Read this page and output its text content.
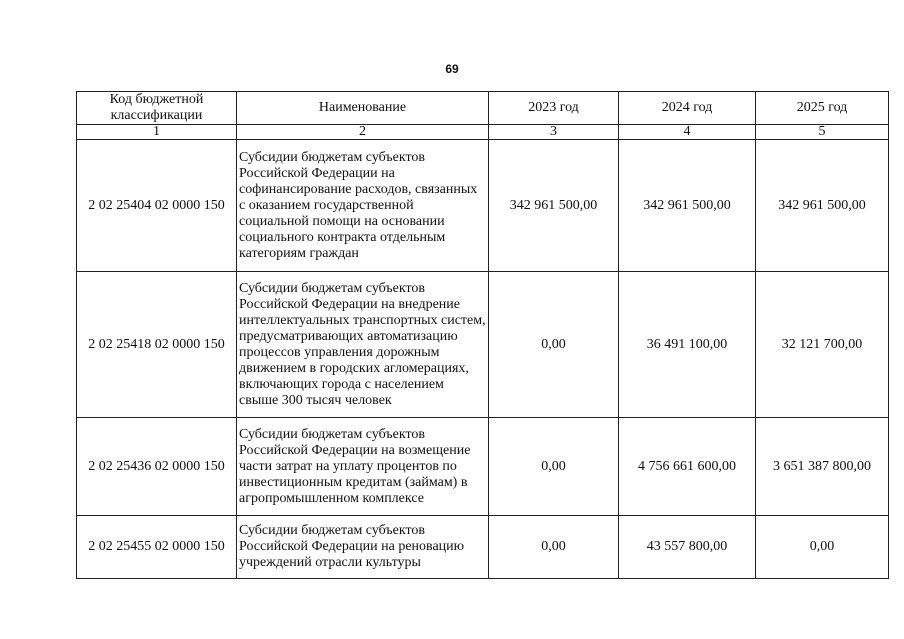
69
Код бюджетной классификации	Наименование	2023 год	2024 год	2025 год
1	2	3	4	5
2 02 25404 02 0000 150	Субсидии бюджетам субъектов Российской Федерации на софинансирование расходов, связанных с оказанием государственной социальной помощи на основании социального контракта отдельным категориям граждан	342 961 500,00	342 961 500,00	342 961 500,00
2 02 25418 02 0000 150	Субсидии бюджетам субъектов Российской Федерации на внедрение интеллектуальных транспортных систем, предусматривающих автоматизацию процессов управления дорожным движением в городских агломерациях, включающих города с населением свыше 300 тысяч человек	0,00	36 491 100,00	32 121 700,00
2 02 25436 02 0000 150	Субсидии бюджетам субъектов Российской Федерации на возмещение части затрат на уплату процентов по инвестиционным кредитам (займам) в агропромышленном комплексе	0,00	4 756 661 600,00	3 651 387 800,00
2 02 25455 02 0000 150	Субсидии бюджетам субъектов Российской Федерации на реновацию учреждений отрасли культуры	0,00	43 557 800,00	0,00
